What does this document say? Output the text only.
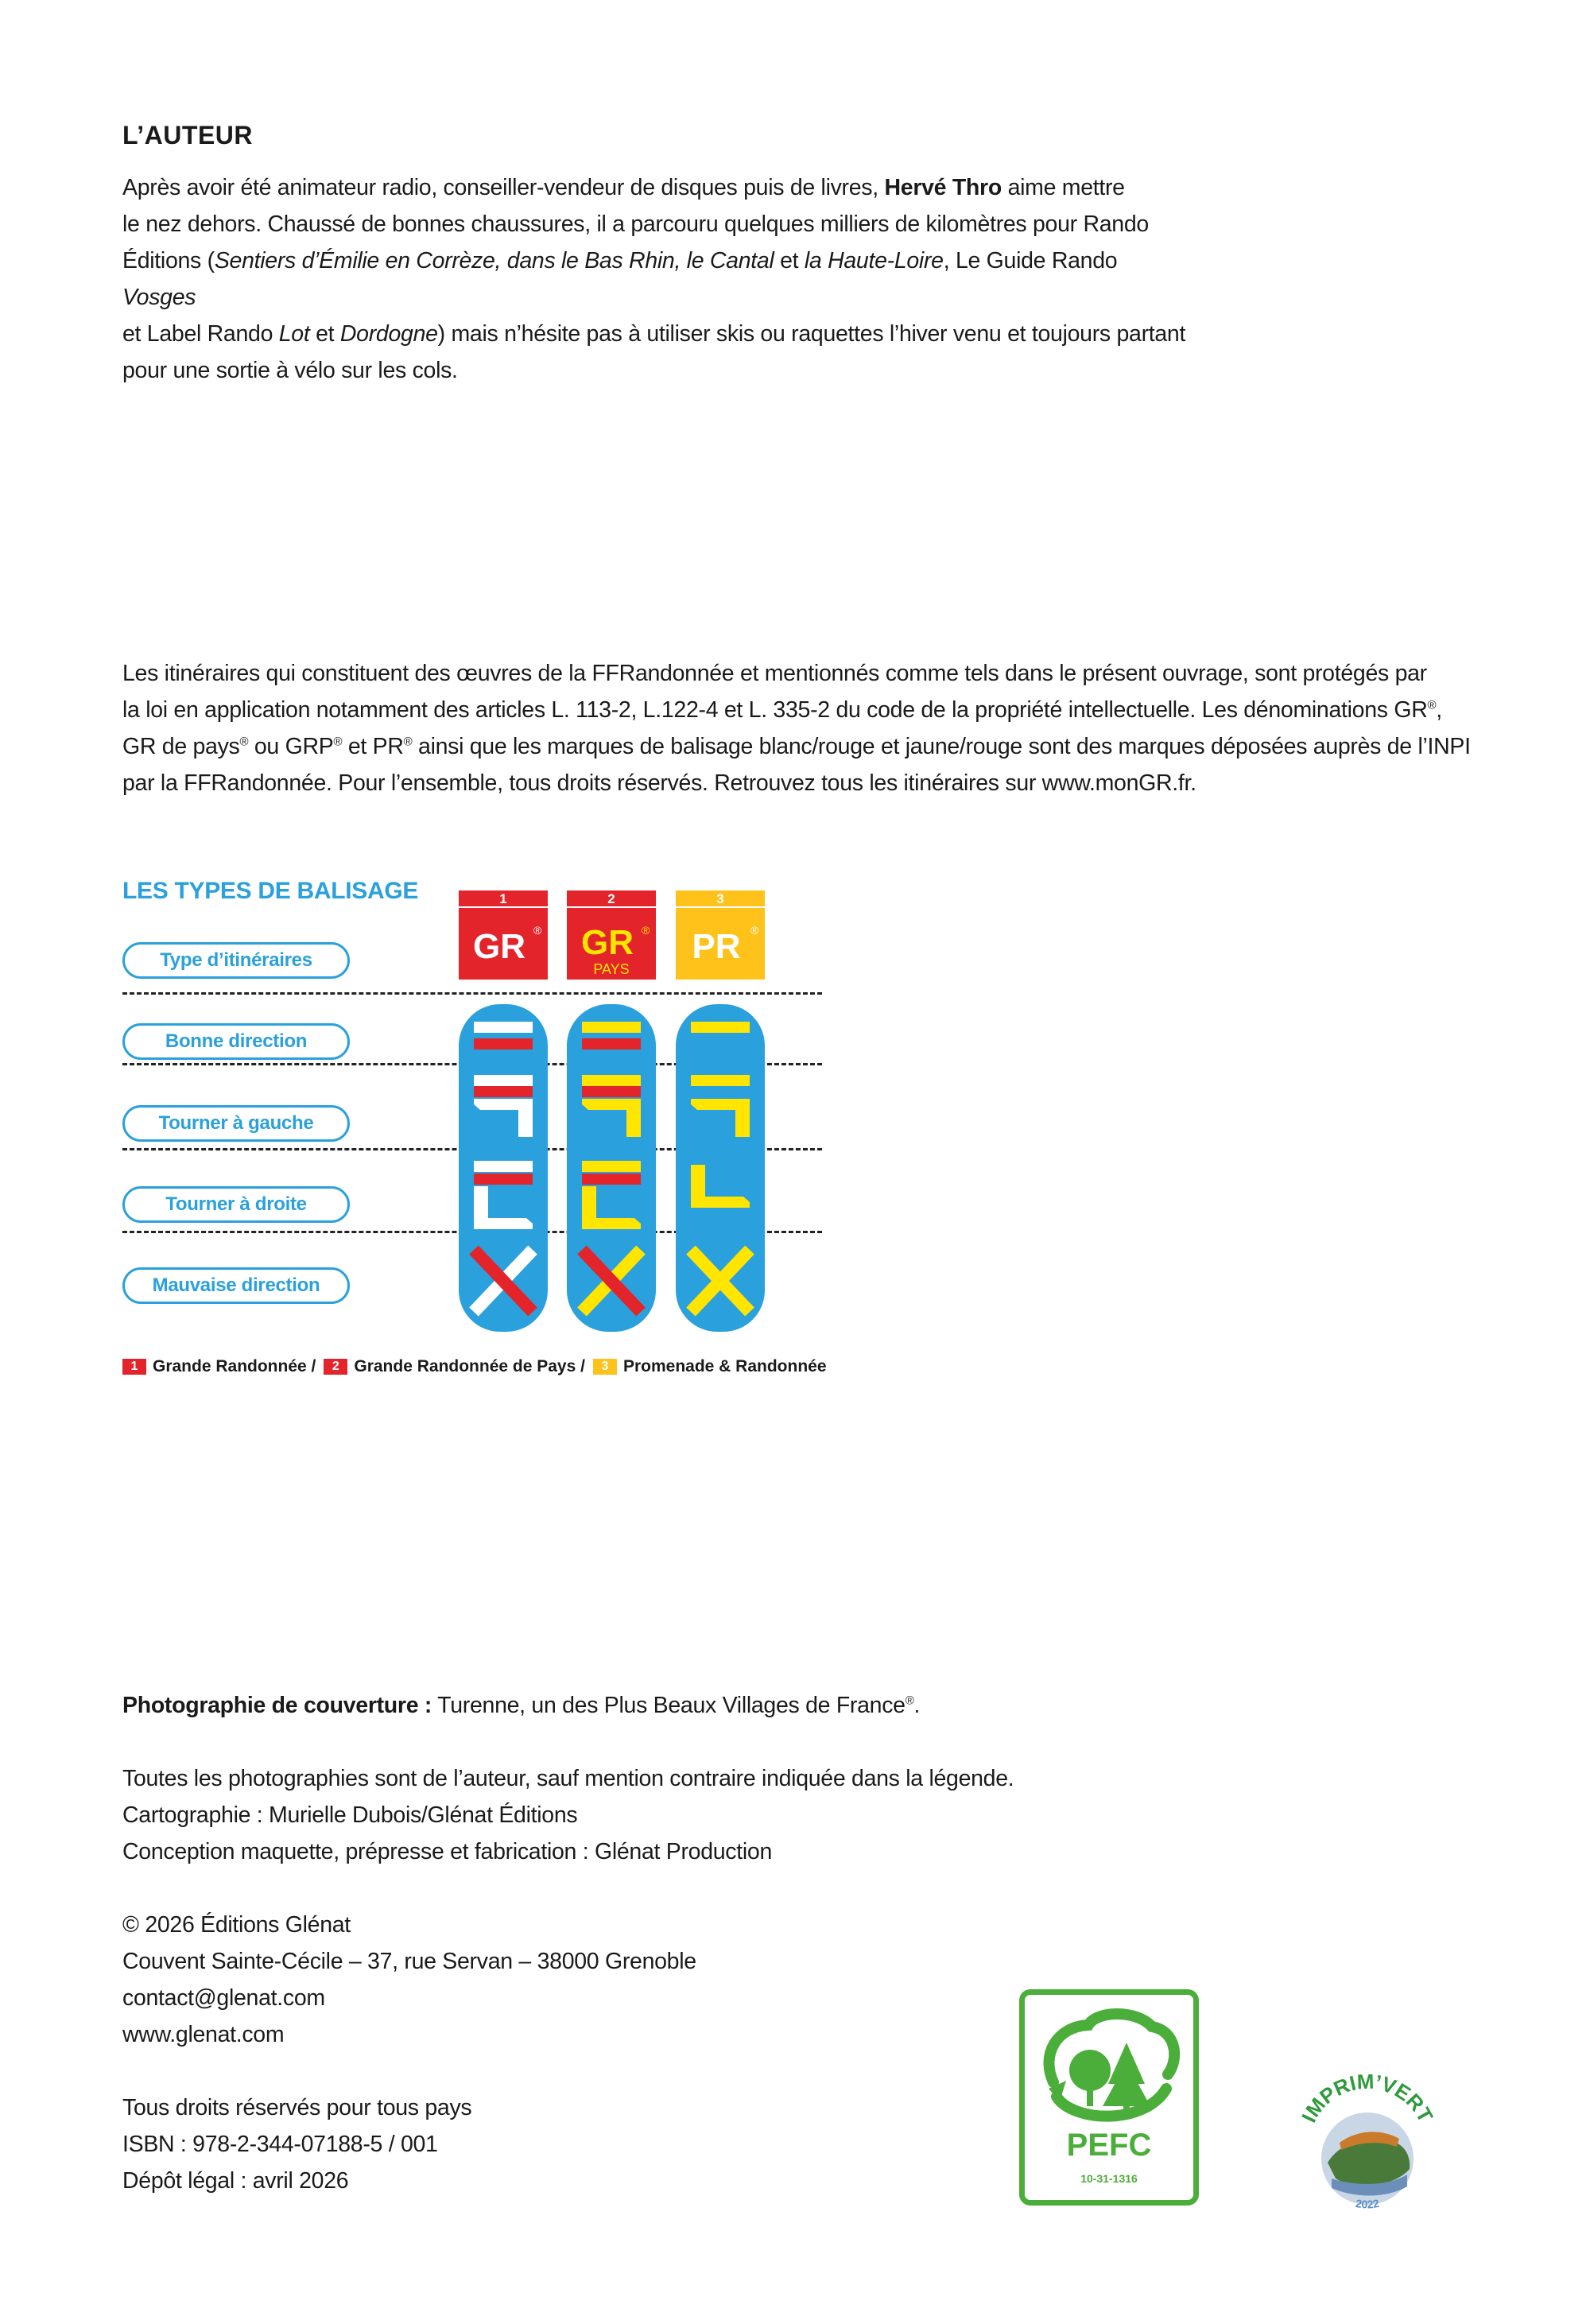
L’AUTEUR

Après avoir été animateur radio, conseiller-vendeur de disques puis de livres, Hervé Thro aime mettre

le nez dehors. Chaussé de bonnes chaussures, il a parcouru quelques milliers de kilomètres pour Rando

Éditions (Sentiers d’Émilie en Corrèze, dans le Bas Rhin, le Cantal et la Haute-Loire, Le Guide Rando Vosges

et Label Rando Lot et Dordogne) mais n’hésite pas à utiliser skis ou raquettes l’hiver venu et toujours partant

pour une sortie à vélo sur les cols.

Les itinéraires qui constituent des œuvres de la FFRandonnée et mentionnés comme tels dans le présent ouvrage, sont protégés par

la loi en application notamment des articles L. 113-2, L.122-4 et L. 335-2 du code de la propriété intellectuelle. Les dénominations GR®,

GR de pays® ou GRP® et PR® ainsi que les marques de balisage blanc/rouge et jaune/rouge sont des marques déposées auprès de l’INPI

par la FFRandonnée. Pour l’ensemble, tous droits réservés. Retrouvez tous les itinéraires sur www.monGR.fr.

LES TYPES DE BALISAGE
Type d’itinéraires
Bonne direction
Tourner à gauche
Tourner à droite
Mauvaise direction
1
GR ®
2
GR ®
PAYS
3
PR ®
1 Grande Randonnée /	2 Grande Randonnée de Pays /	3 Promenade & Randonnée

Photographie de couverture : Turenne, un des Plus Beaux Villages de France®.

Toutes les photographies sont de l’auteur, sauf mention contraire indiquée dans la légende.

Cartographie : Murielle Dubois/Glénat Éditions

Conception maquette, prépresse et fabrication : Glénat Production

© 2026 Éditions Glénat

Couvent Sainte-Cécile – 37, rue Servan – 38000 Grenoble

contact@glenat.com

www.glenat.com

Tous droits réservés pour tous pays

ISBN : 978-2-344-07188-5 / 001

Dépôt légal : avril 2026

PEFC
10-31-1316
IMPRIM’VERT
2022
